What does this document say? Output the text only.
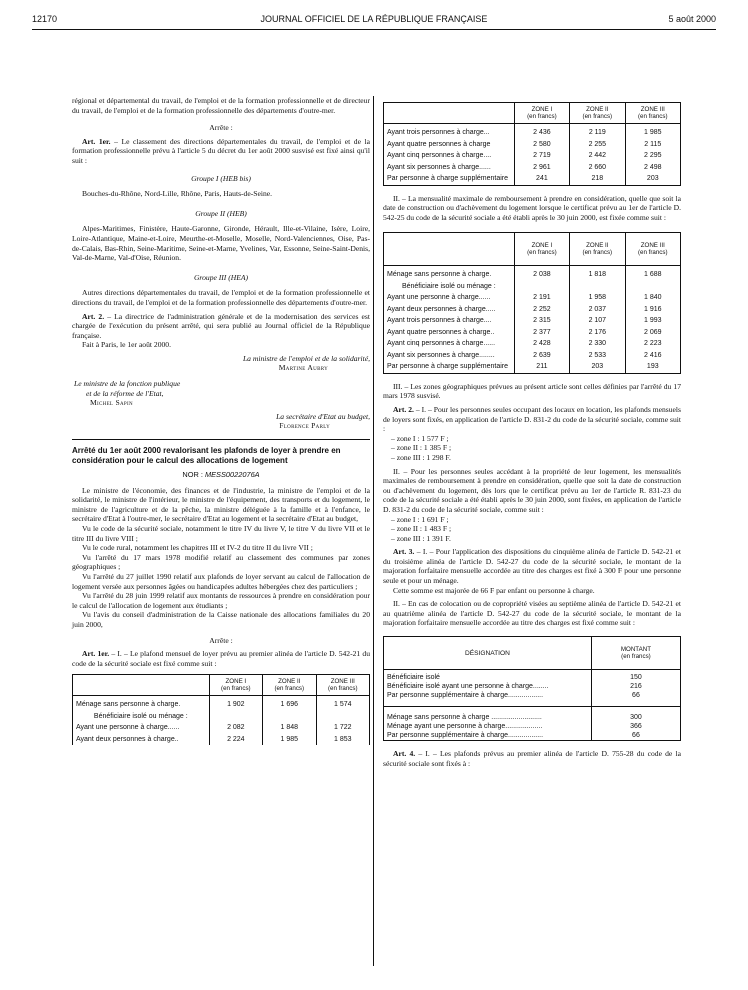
12170	JOURNAL OFFICIEL DE LA RÉPUBLIQUE FRANÇAISE	5 août 2000

régional et départemental du travail, de l'emploi et de la formation professionnelle et de directeur du travail, de l'emploi et de la formation professionnelle des départements d'outre-mer.

Arrête :

Art. 1er. – Le classement des directions départementales du travail, de l'emploi et de la formation professionnelle prévu à l'article 5 du décret du 1er août 2000 susvisé est fixé ainsi qu'il suit :

Groupe I (HEB bis)

Bouches-du-Rhône, Nord-Lille, Rhône, Paris, Hauts-de-Seine.

Groupe II (HEB)

Alpes-Maritimes, Finistère, Haute-Garonne, Gironde, Hérault, Ille-et-Vilaine, Isère, Loire, Loire-Atlantique, Maine-et-Loire, Meurthe-et-Moselle, Moselle, Nord-Valenciennes, Oise, Pas-de-Calais, Bas-Rhin, Seine-Maritime, Seine-et-Marne, Yvelines, Var, Essonne, Seine-Saint-Denis, Val-de-Marne, Val-d'Oise, Réunion.

Groupe III (HEA)

Autres directions départementales du travail, de l'emploi et de la formation professionnelle et directions du travail, de l'emploi et de la formation professionnelle des départements d'outre-mer.

Art. 2. – La directrice de l'administration générale et de la modernisation des services est chargée de l'exécution du présent arrêté, qui sera publié au Journal officiel de la République française.

Fait à Paris, le 1er août 2000.

La ministre de l'emploi et de la solidarité,

Martine Aubry

Le ministre de la fonction publique

et de la réforme de l'Etat,

Michel Sapin

La secrétaire d'Etat au budget,

Florence Parly

Arrêté du 1er août 2000 revalorisant les plafonds de loyer à prendre en considération pour le calcul des allocations de logement

NOR : MESS0022076A

Le ministre de l'économie, des finances et de l'industrie, la ministre de l'emploi et de la solidarité, le ministre de l'intérieur, le ministre de l'équipement, des transports et du logement, le ministre de l'agriculture et de la pêche, la ministre déléguée à la famille et à l'enfance, le secrétaire d'Etat à l'outre-mer, le secrétaire d'Etat au logement et la secrétaire d'Etat au budget,

Vu le code de la sécurité sociale, notamment le titre IV du livre V, le titre V du livre VII et le titre III du livre VIII ;

Vu le code rural, notamment les chapitres III et IV-2 du titre II du livre VII ;

Vu l'arrêté du 17 mars 1978 modifié relatif au classement des communes par zones géographiques ;

Vu l'arrêté du 27 juillet 1990 relatif aux plafonds de loyer servant au calcul de l'allocation de logement versée aux personnes âgées ou handicapées adultes hébergées chez des particuliers ;

Vu l'arrêté du 28 juin 1999 relatif aux montants de ressources à prendre en considération pour le calcul de l'allocation de logement aux étudiants ;

Vu l'avis du conseil d'administration de la Caisse nationale des allocations familiales du 20 juin 2000,

Arrête :

Art. 1er. – I. – Le plafond mensuel de loyer prévu au premier alinéa de l'article D. 542-21 du code de la sécurité sociale est fixé comme suit :

	ZONE I
(en francs)	ZONE II
(en francs)	ZONE III
(en francs)
Ménage sans personne à charge.	1 902	1 696	1 574
Bénéficiaire isolé ou ménage :			
Ayant une personne à charge......	2 082	1 848	1 722
Ayant deux personnes à charge..	2 224	1 985	1 853
	ZONE I
(en francs)	ZONE II
(en francs)	ZONE III
(en francs)
Ayant trois personnes à charge...	2 436	2 119	1 985
Ayant quatre personnes à charge	2 580	2 255	2 115
Ayant cinq personnes à charge....	2 719	2 442	2 295
Ayant six personnes à charge......	2 961	2 660	2 498
Par personne à charge supplémentaire	241	218	203

II. – La mensualité maximale de remboursement à prendre en considération, quelle que soit la date de construction ou d'achèvement du logement lorsque le certificat prévu au 1er de l'article D. 542-25 du code de la sécurité sociale a été établi après le 30 juin 2000, est fixée comme suit :

	ZONE I
(en francs)	ZONE II
(en francs)	ZONE III
(en francs)
Ménage sans personne à charge.	2 038	1 818	1 688
Bénéficiaire isolé ou ménage :			
Ayant une personne à charge......	2 191	1 958	1 840
Ayant deux personnes à charge.....	2 252	2 037	1 916
Ayant trois personnes à charge....	2 315	2 107	1 993
Ayant quatre personnes à charge..	2 377	2 176	2 069
Ayant cinq personnes à charge......	2 428	2 330	2 223
Ayant six personnes à charge........	2 639	2 533	2 416
Par personne à charge supplémentaire	211	203	193

III. – Les zones géographiques prévues au présent article sont celles définies par l'arrêté du 17 mars 1978 susvisé.

Art. 2. – I. – Pour les personnes seules occupant des locaux en location, les plafonds mensuels de loyers sont fixés, en application de l'article D. 831-2 du code de la sécurité sociale, comme suit :

– zone I : 1 577 F ;

– zone II : 1 385 F ;

– zone III : 1 298 F.

II. – Pour les personnes seules accédant à la propriété de leur logement, les mensualités maximales de remboursement à prendre en considération, quelle que soit la date de construction ou d'achèvement du logement, dès lors que le certificat prévu au 1er de l'article R. 831-23 du code de la sécurité sociale a été établi après le 30 juin 2000, sont fixées, en application de l'article D. 831-2 du code de la sécurité sociale, comme suit :

– zone I : 1 691 F ;

– zone II : 1 483 F ;

– zone III : 1 391 F.

Art. 3. – I. – Pour l'application des dispositions du cinquième alinéa de l'article D. 542-21 et du troisième alinéa de l'article D. 542-27 du code de la sécurité sociale, le montant de la majoration forfaitaire mensuelle accordée au titre des charges est fixé à 300 F pour une personne seule et pour un ménage.

Cette somme est majorée de 66 F par enfant ou personne à charge.

II. – En cas de colocation ou de copropriété visées au septième alinéa de l'article D. 542-21 et au quatrième alinéa de l'article D. 542-27 du code de la sécurité sociale, le montant de la majoration forfaitaire mensuelle accordée au titre des charges est fixé comme suit :

DÉSIGNATION	MONTANT
(en francs)
Bénéficiaire isolé	150
Bénéficiaire isolé ayant une personne à charge........	216
Par personne supplémentaire à charge..................	66
Ménage sans personne à charge ..........................	300
Ménage ayant une personne à charge...................	366
Par personne supplémentaire à charge..................	66

Art. 4. – I. – Les plafonds prévus au premier alinéa de l'article D. 755-28 du code de la sécurité sociale sont fixés à :
